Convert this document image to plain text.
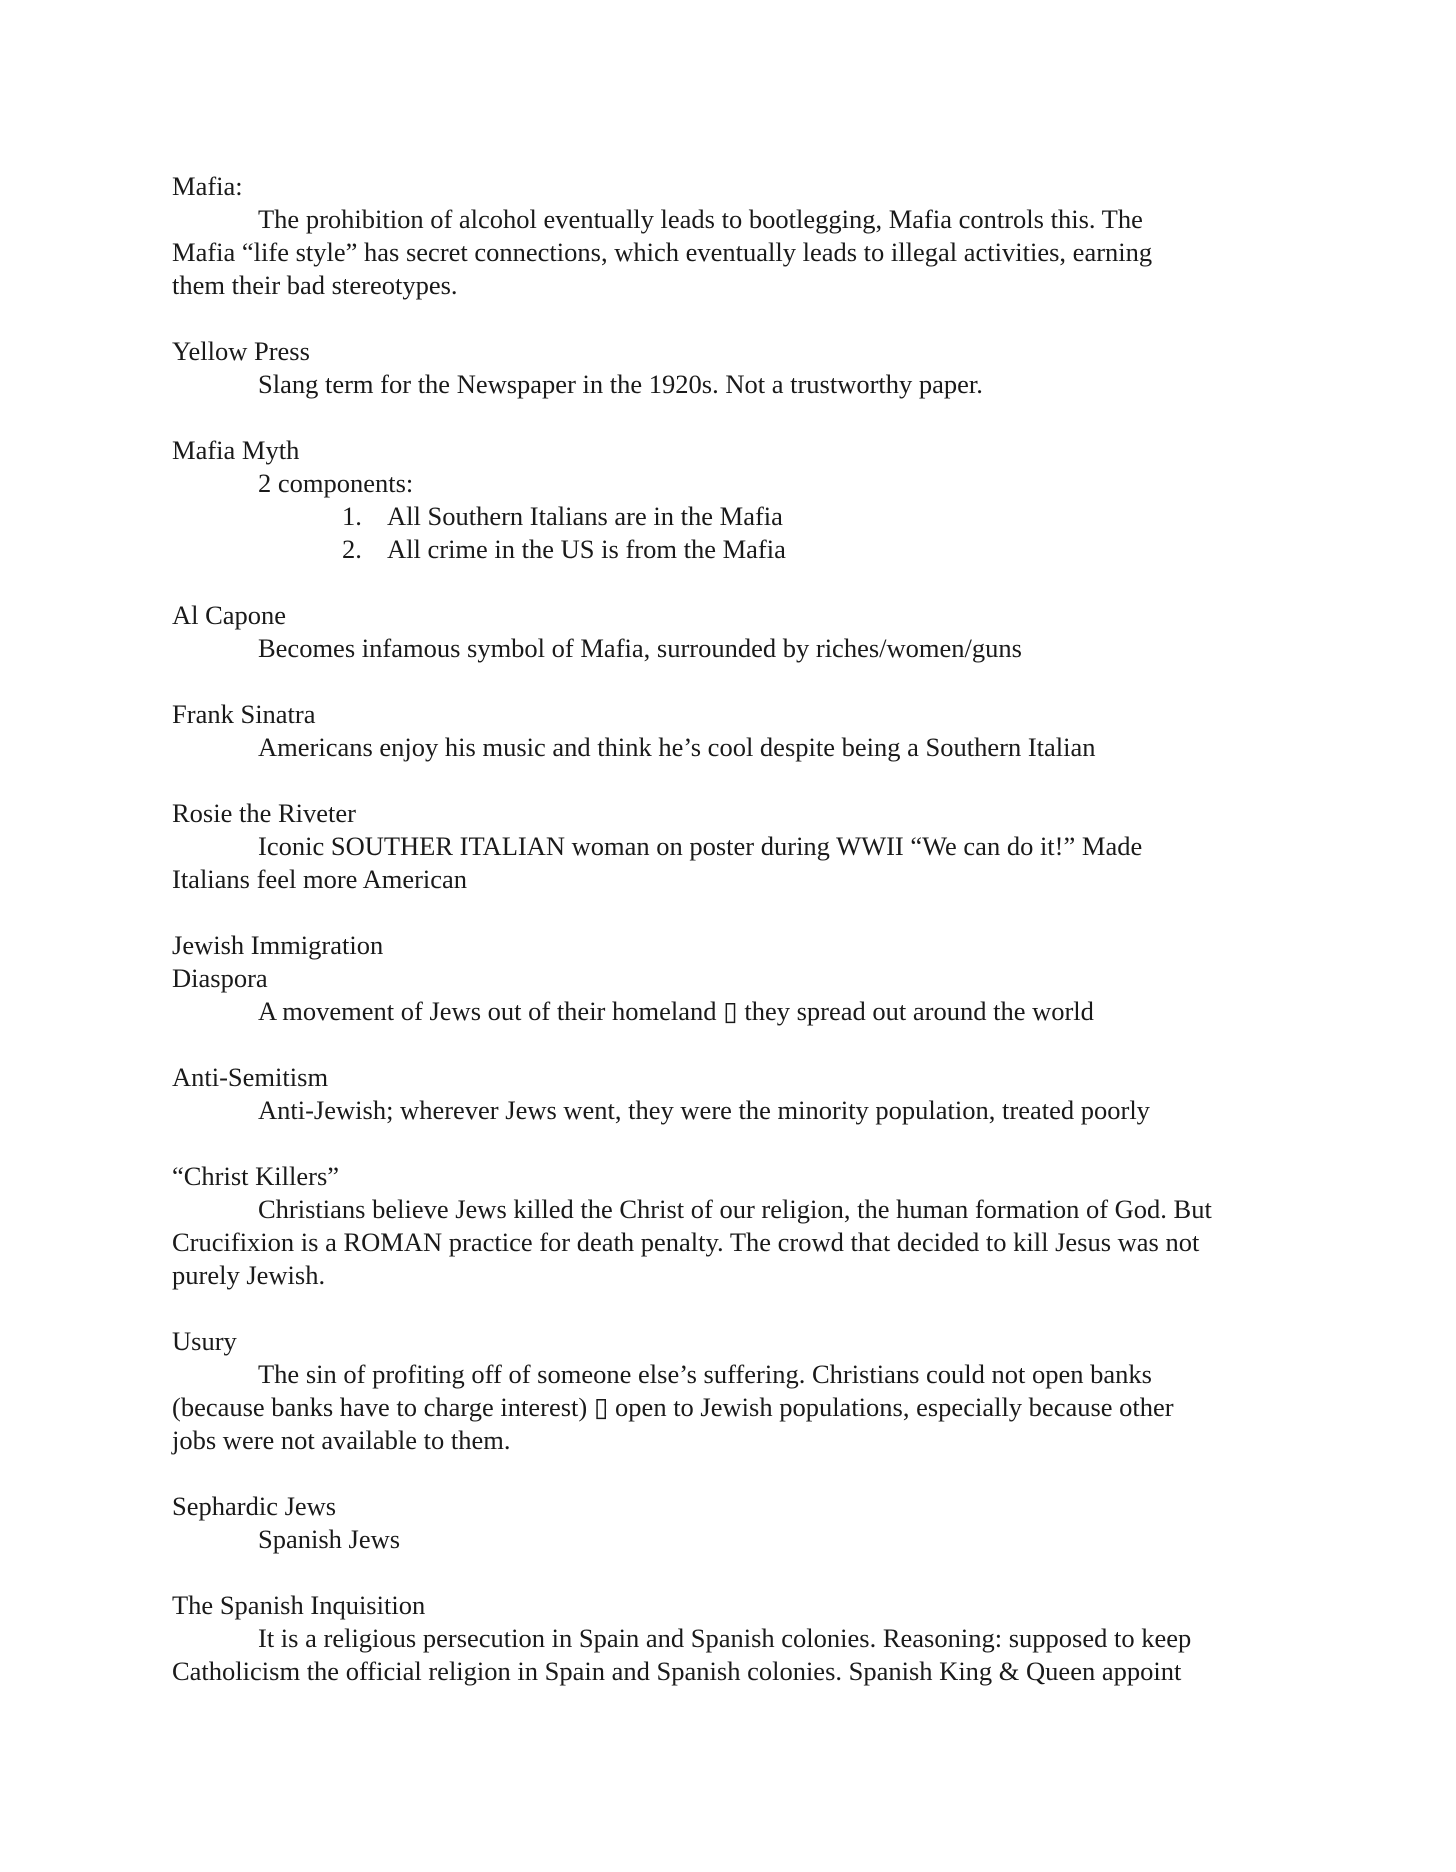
Mafia:
The prohibition of alcohol eventually leads to bootlegging, Mafia controls this. The
Mafia “life style” has secret connections, which eventually leads to illegal activities, earning
them their bad stereotypes.
Yellow Press
Slang term for the Newspaper in the 1920s. Not a trustworthy paper.
Mafia Myth
2 components:
1. All Southern Italians are in the Mafia
2. All crime in the US is from the Mafia
Al Capone
Becomes infamous symbol of Mafia, surrounded by riches/women/guns
Frank Sinatra
Americans enjoy his music and think he’s cool despite being a Southern Italian
Rosie the Riveter
Iconic SOUTHER ITALIAN woman on poster during WWII “We can do it!” Made
Italians feel more American
Jewish Immigration
Diaspora
A movement of Jews out of their homeland ▯ they spread out around the world
Anti-Semitism
Anti-Jewish; wherever Jews went, they were the minority population, treated poorly
“Christ Killers”
Christians believe Jews killed the Christ of our religion, the human formation of God. But
Crucifixion is a ROMAN practice for death penalty. The crowd that decided to kill Jesus was not
purely Jewish.
Usury
The sin of profiting off of someone else’s suffering. Christians could not open banks
(because banks have to charge interest) ▯ open to Jewish populations, especially because other
jobs were not available to them.
Sephardic Jews
Spanish Jews
The Spanish Inquisition
It is a religious persecution in Spain and Spanish colonies. Reasoning: supposed to keep
Catholicism the official religion in Spain and Spanish colonies. Spanish King & Queen appoint
